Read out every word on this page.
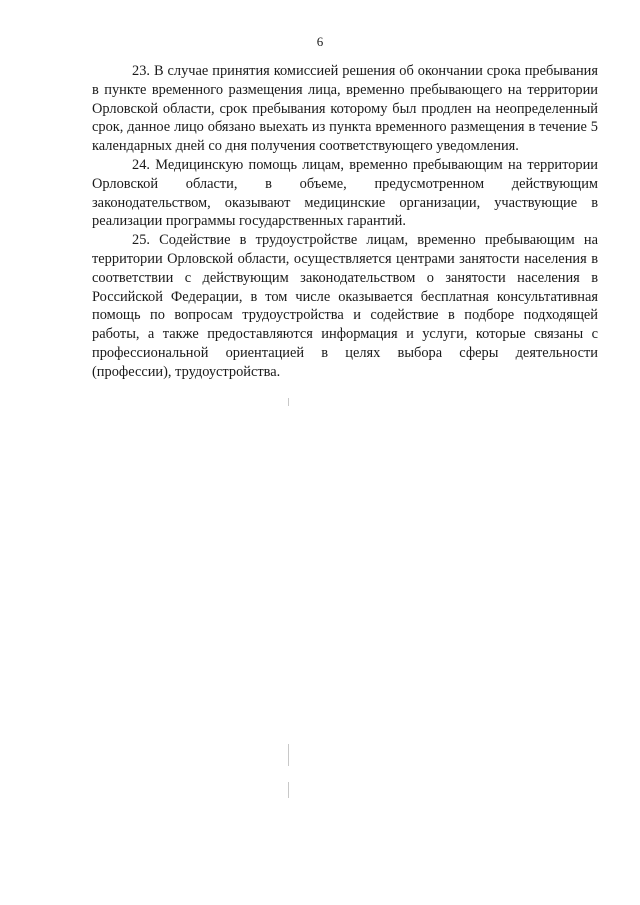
6

23. В случае принятия комиссией решения об окончании срока пребывания в пункте временного размещения лица, временно пребывающего на территории Орловской области, срок пребывания которому был продлен на неопределенный срок, данное лицо обязано выехать из пункта временного размещения в течение 5 календарных дней со дня получения соответствующего уведомления.

24. Медицинскую помощь лицам, временно пребывающим на территории Орловской области, в объеме, предусмотренном действующим законодательством, оказывают медицинские организации, участвующие в реализации программы государственных гарантий.

25. Содействие в трудоустройстве лицам, временно пребывающим на территории Орловской области, осуществляется центрами занятости населения в соответствии с действующим законодательством о занятости населения в Российской Федерации, в том числе оказывается бесплатная консультативная помощь по вопросам трудоустройства и содействие в подборе подходящей работы, а также предоставляются информация и услуги, которые связаны с профессиональной ориентацией в целях выбора сферы деятельности (профессии), трудоустройства.
